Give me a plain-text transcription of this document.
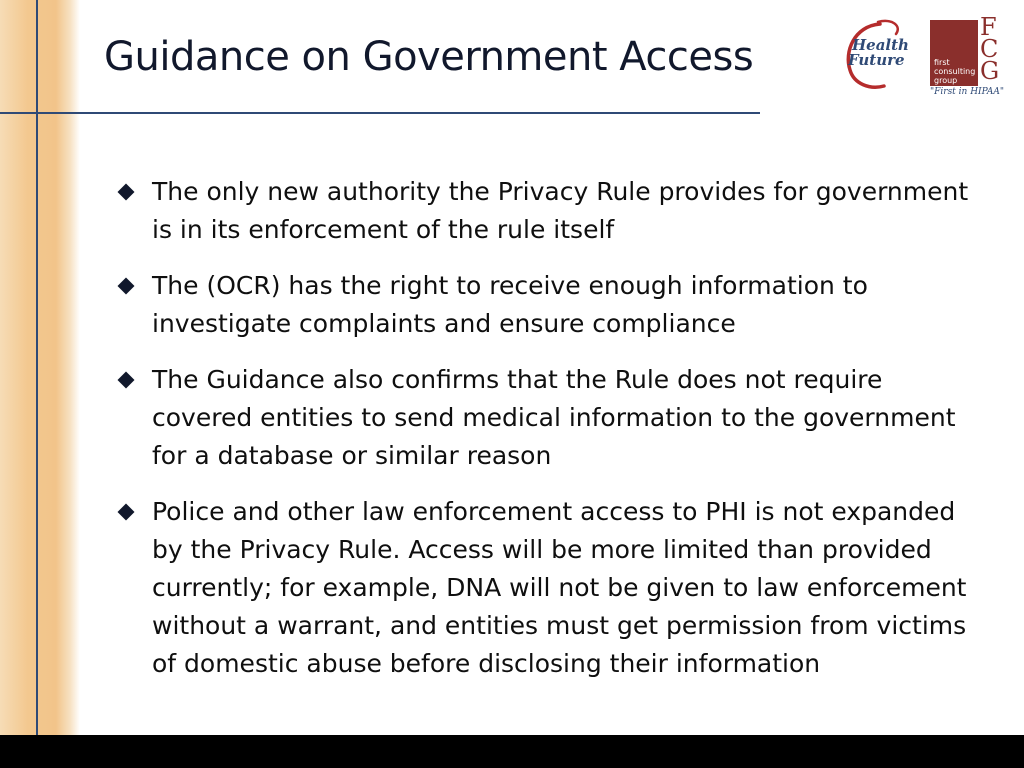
Guidance on Government Access	Health
Future	first
consulting
group
F
C
G
"First in HIPAA"
The only new authority the Privacy Rule provides for government is in its enforcement of the rule itself
The (OCR) has the right to receive enough information to investigate complaints and ensure compliance
The Guidance also confirms that the Rule does not require covered entities to send medical information to the government for a database or similar reason
Police and other law enforcement access to PHI is not expanded by the Privacy Rule. Access will be more limited than provided currently; for example, DNA will not be given to law enforcement without a warrant, and entities must get permission from victims of domestic abuse before disclosing their information
